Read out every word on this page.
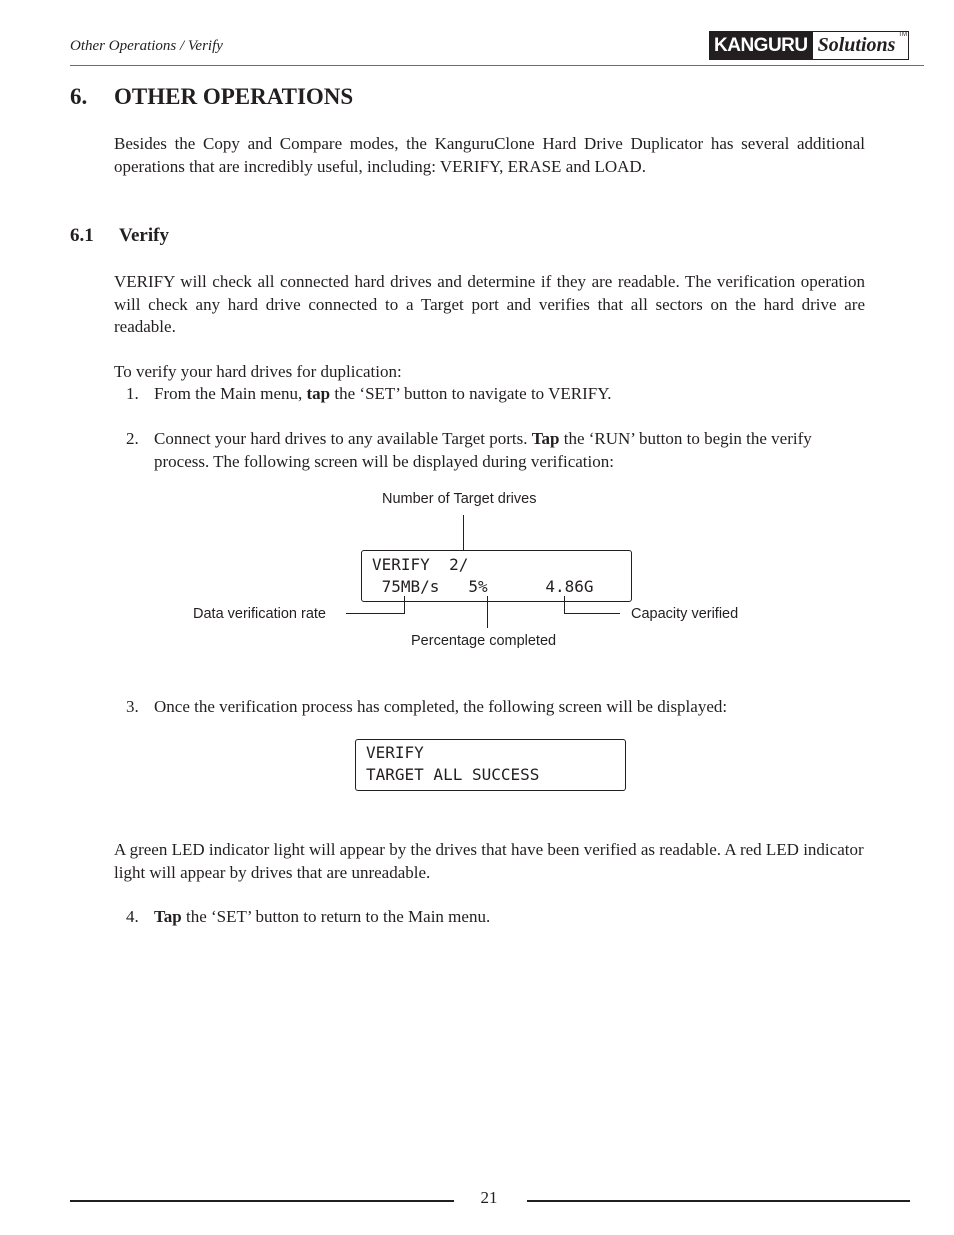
Other Operations / Verify	KANGURU Solutions TM
6. OTHER OPERATIONS
Besides the Copy and Compare modes, the KanguruClone Hard Drive Duplicator has several additional operations that are incredibly useful, including: VERIFY, ERASE and LOAD.
6.1 Verify
VERIFY will check all connected hard drives and determine if they are readable. The verification operation will check any hard drive connected to a Target port and verifies that all sectors on the hard drive are readable.
To verify your hard drives for duplication:
1. From the Main menu, tap the ‘SET’ button to navigate to VERIFY.
2. Connect your hard drives to any available Target ports. Tap the ‘RUN’ button to begin the verify process. The following screen will be displayed during verification:
Number of Target drives
VERIFY  2/
75MB/s   5%      4.86G
Data verification rate
Percentage completed
Capacity verified
3. Once the verification process has completed, the following screen will be displayed:
VERIFY
TARGET ALL SUCCESS
A green LED indicator light will appear by the drives that have been verified as readable. A red LED indicator light will appear by drives that are unreadable.
4. Tap the ‘SET’ button to return to the Main menu.
21
